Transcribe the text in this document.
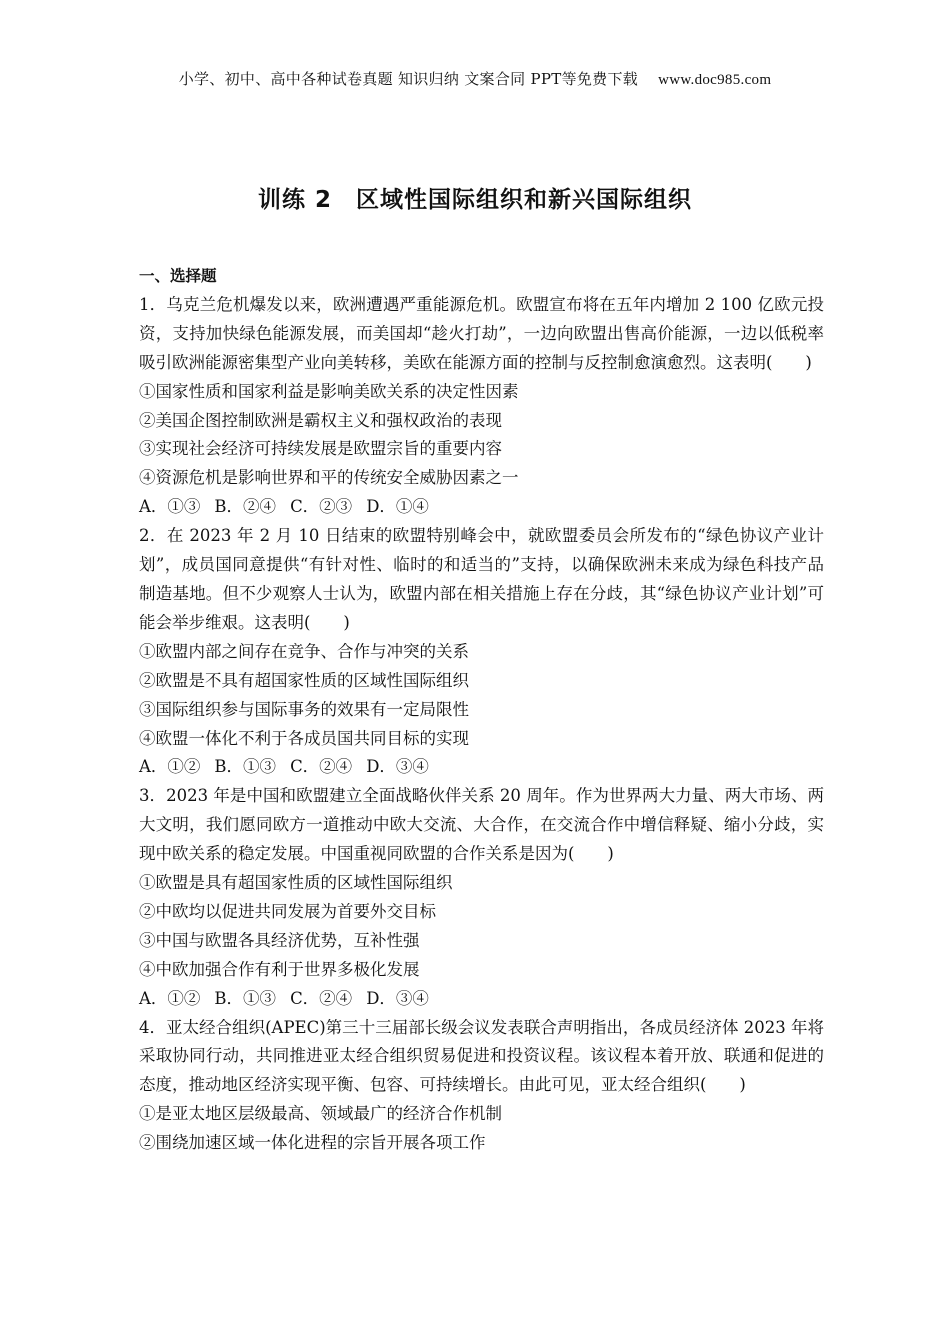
小学、初中、高中各种试卷真题 知识归纳 文案合同 PPT等免费下载 www.doc985.com
训练 2　区域性国际组织和新兴国际组织
一、选择题
1．乌克兰危机爆发以来，欧洲遭遇严重能源危机。欧盟宣布将在五年内增加 2 100 亿欧元投资，支持加快绿色能源发展，而美国却“趁火打劫”，一边向欧盟出售高价能源，一边以低税率吸引欧洲能源密集型产业向美转移，美欧在能源方面的控制与反控制愈演愈烈。这表明(　　)
①国家性质和国家利益是影响美欧关系的决定性因素
②美国企图控制欧洲是霸权主义和强权政治的表现
③实现社会经济可持续发展是欧盟宗旨的重要内容
④资源危机是影响世界和平的传统安全威胁因素之一
A．①③ B．②④ C．②③ D．①④
2．在 2023 年 2 月 10 日结束的欧盟特别峰会中，就欧盟委员会所发布的“绿色协议产业计划”，成员国同意提供“有针对性、临时的和适当的”支持，以确保欧洲未来成为绿色科技产品制造基地。但不少观察人士认为，欧盟内部在相关措施上存在分歧，其“绿色协议产业计划”可能会举步维艰。这表明(　　)
①欧盟内部之间存在竞争、合作与冲突的关系
②欧盟是不具有超国家性质的区域性国际组织
③国际组织参与国际事务的效果有一定局限性
④欧盟一体化不利于各成员国共同目标的实现
A．①② B．①③ C．②④ D．③④
3．2023 年是中国和欧盟建立全面战略伙伴关系 20 周年。作为世界两大力量、两大市场、两大文明，我们愿同欧方一道推动中欧大交流、大合作，在交流合作中增信释疑、缩小分歧，实现中欧关系的稳定发展。中国重视同欧盟的合作关系是因为(　　)
①欧盟是具有超国家性质的区域性国际组织
②中欧均以促进共同发展为首要外交目标
③中国与欧盟各具经济优势，互补性强
④中欧加强合作有利于世界多极化发展
A．①② B．①③ C．②④ D．③④
4．亚太经合组织(APEC)第三十三届部长级会议发表联合声明指出，各成员经济体 2023 年将采取协同行动，共同推进亚太经合组织贸易促进和投资议程。该议程本着开放、联通和促进的态度，推动地区经济实现平衡、包容、可持续增长。由此可见，亚太经合组织(　　)
①是亚太地区层级最高、领域最广的经济合作机制
②围绕加速区域一体化进程的宗旨开展各项工作
